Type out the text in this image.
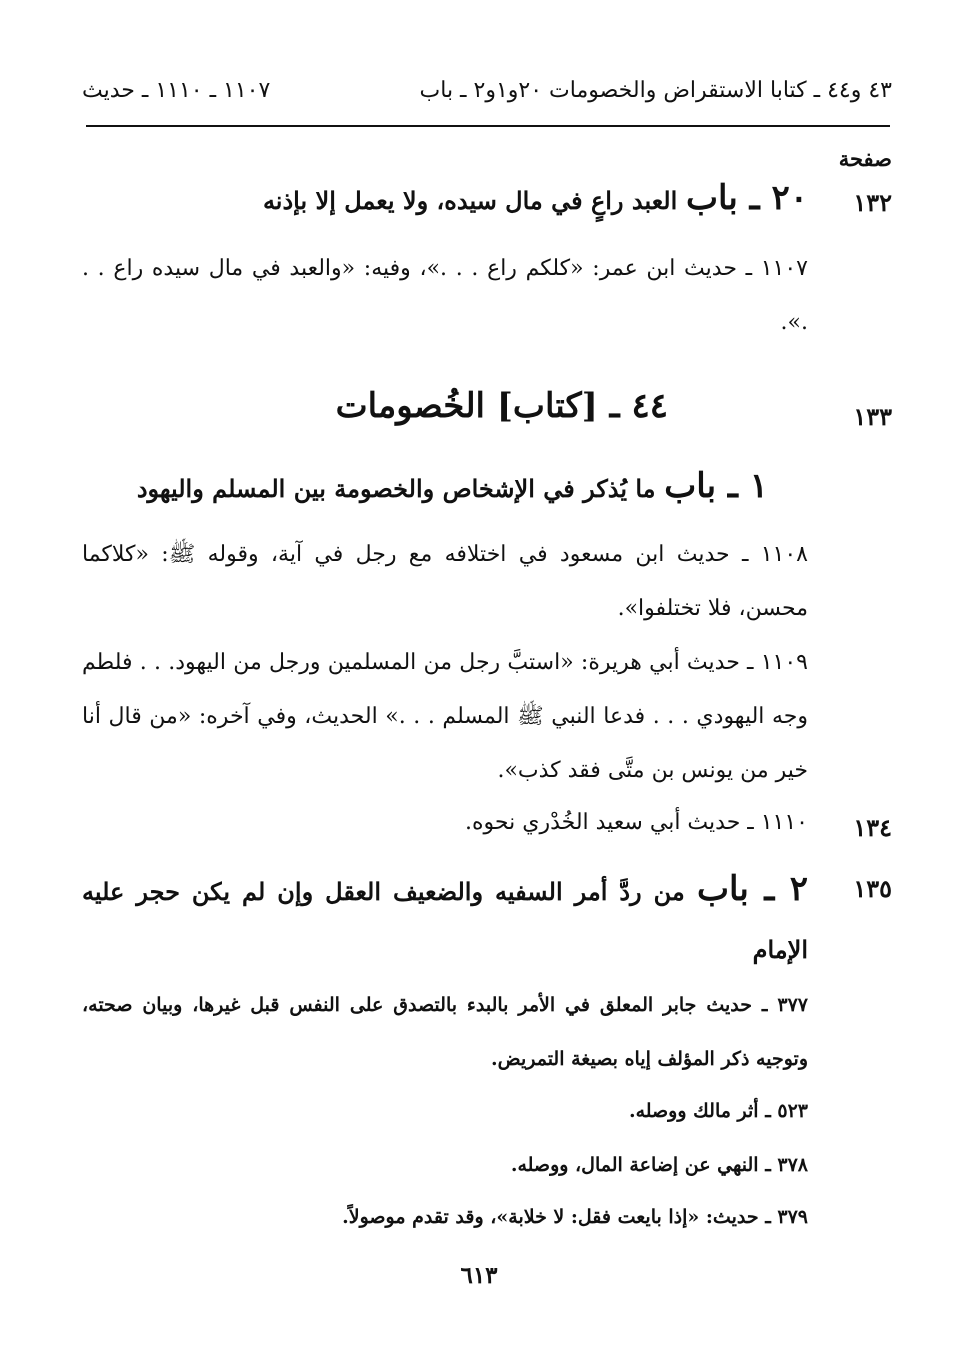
٤٣ و٤٤ ـ كتابا الاستقراض والخصومات ٢٠و١و٢ ـ باب
١١٠٧ ـ ١١١٠ ـ حديث
صفحة
١٣٢
٢٠ ـ باب العبد راعٍ في مال سيده، ولا يعمل إلا بإذنه
١١٠٧ ـ حديث ابن عمر: «كلكم راع . . .»، وفيه: «والعبد في مال سيده راع . . .».
١٣٣
٤٤ ـ [كتاب] الخُصومات
١ ـ باب ما يُذكر في الإشخاص والخصومة بين المسلم واليهود
١١٠٨ ـ حديث ابن مسعود في اختلافه مع رجل في آية، وقوله ﷺ: «كلاكما محسن، فلا تختلفوا».
١١٠٩ ـ حديث أبي هريرة: «استبَّ رجل من المسلمين ورجل من اليهود. . . فلطم وجه اليهودي . . . فدعا النبي ﷺ المسلم . . .» الحديث، وفي آخره: «من قال أنا خير من يونس بن متَّى فقد كذب».
١٣٤
١١١٠ ـ حديث أبي سعيد الخُدْري نحوه.
١٣٥
٢ ـ باب من ردَّ أمر السفيه والضعيف العقل وإن لم يكن حجر عليه الإمام
٣٧٧ ـ حديث جابر المعلق في الأمر بالبدء بالتصدق على النفس قبل غيرها، وبيان صحته، وتوجيه ذكر المؤلف إياه بصيغة التمريض.
٥٢٣ ـ أثر مالك ووصله.
٣٧٨ ـ النهي عن إضاعة المال، ووصله.
٣٧٩ ـ حديث: «إذا بايعت فقل: لا خلابة»، وقد تقدم موصولاً.
٦١٣
